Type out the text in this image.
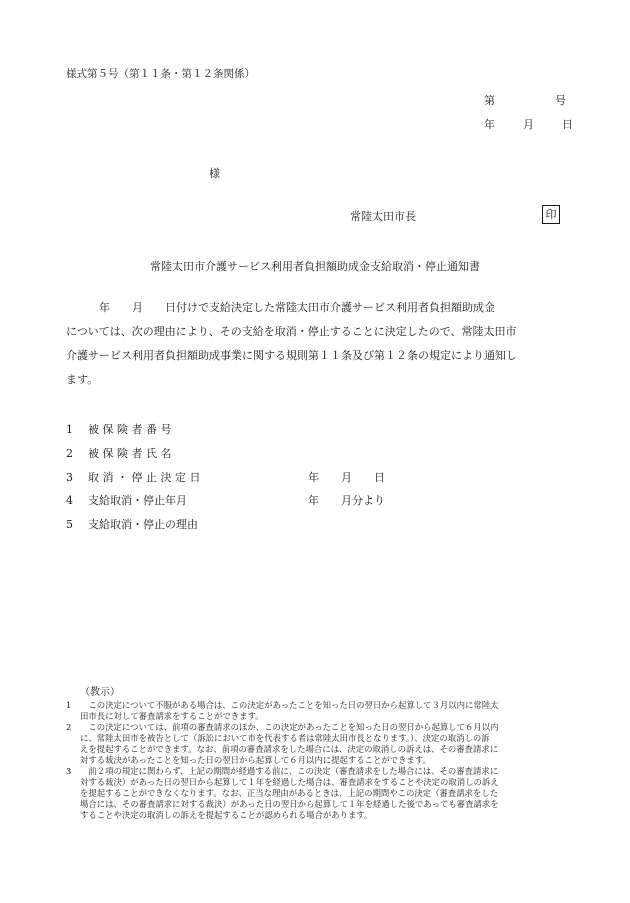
様式第５号（第１１条・第１２条関係）
第	号
年	月	日
様
常陸太田市長	印
常陸太田市介護サービス利用者負担額助成金支給取消・停止通知書
　　　年　　月　　日付けで支給決定した常陸太田市介護サービス利用者負担額助成金
については、次の理由により、その支給を取消・停止することに決定したので、常陸太田市
介護サービス利用者負担額助成事業に関する規則第１１条及び第１２条の規定により通知し
ます。
1 被 保 険 者 番 号
2 被 保 険 者 氏 名
3 取 消 ・ 停 止 決 定 日	年　　月　　日
4 支給取消・停止年月	年　　月分より
5 支給取消・停止の理由
（教示）
1	　この決定について不服がある場合は、この決定があったことを知った日の翌日から起算して３月以内に常陸太
田市長に対して審査請求をすることができます。
2	　この決定については、前項の審査請求のほか、この決定があったことを知った日の翌日から起算して６月以内
に、常陸太田市を被告として（訴訟において市を代表する者は常陸太田市長となります。）、決定の取消しの訴
えを提起することができます。なお、前項の審査請求をした場合には、決定の取消しの訴えは、その審査請求に
対する裁決があったことを知った日の翌日から起算して６月以内に提起することができます。
3	　前２項の規定に関わらず、上記の期間が経過する前に、この決定（審査請求をした場合には、その審査請求に
対する裁決）があった日の翌日から起算して１年を経過した場合は、審査請求をすることや決定の取消しの訴え
を提起することができなくなります。なお、正当な理由があるときは、上記の期間やこの決定（審査請求をした
場合には、その審査請求に対する裁決）があった日の翌日から起算して１年を経過した後であっても審査請求を
することや決定の取消しの訴えを提起することが認められる場合があります。
